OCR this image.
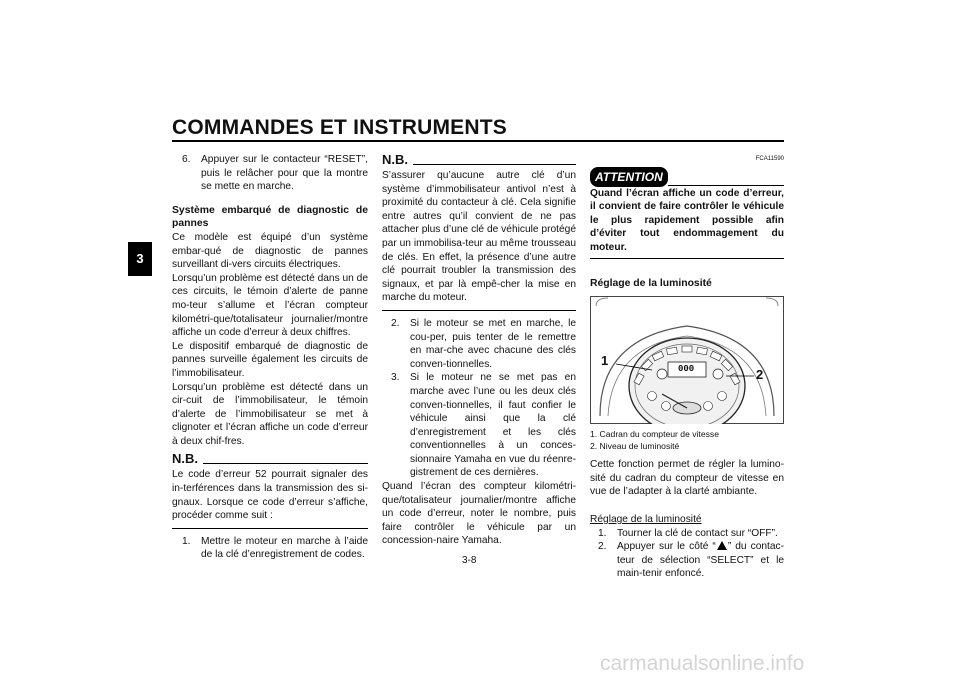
COMMANDES ET INSTRUMENTS
3
6.	Appuyer sur le contacteur “RESET”, puis le relâcher pour que la montre se mette en marche.

Système embarqué de diagnostic de pannes

Ce modèle est équipé d’un système embar-qué de diagnostic de pannes surveillant di-vers circuits électriques.

Lorsqu’un problème est détecté dans un de ces circuits, le témoin d’alerte de panne mo-teur s’allume et l’écran compteur kilométri-que/totalisateur journalier/montre affiche un code d’erreur à deux chiffres.

Le dispositif embarqué de diagnostic de pannes surveille également les circuits de l’immobilisateur.

Lorsqu’un problème est détecté dans un cir-cuit de l’immobilisateur, le témoin d’alerte de l’immobilisateur se met à clignoter et l’écran affiche un code d’erreur à deux chif-fres.

N.B.

Le code d’erreur 52 pourrait signaler des in-terférences dans la transmission des si-gnaux. Lorsque ce code d’erreur s’affiche, procéder comme suit :

1.	Mettre le moteur en marche à l’aide de la clé d’enregistrement de codes.
N.B.

S’assurer qu’aucune autre clé d’un système d’immobilisateur antivol n’est à proximité du contacteur à clé. Cela signifie entre autres qu’il convient de ne pas attacher plus d’une clé de véhicule protégé par un immobilisa-teur au même trousseau de clés. En effet, la présence d’une autre clé pourrait troubler la transmission des signaux, et par là empê-cher la mise en marche du moteur.

2.	Si le moteur se met en marche, le cou-per, puis tenter de le remettre en mar-che avec chacune des clés conven-tionnelles.
3.	Si le moteur ne se met pas en marche avec l’une ou les deux clés conven-tionnelles, il faut confier le véhicule ainsi que la clé d’enregistrement et les clés conventionnelles à un conces-sionnaire Yamaha en vue du réenre-gistrement de ces dernières.

Quand l’écran des compteur kilométri-que/totalisateur journalier/montre affiche un code d’erreur, noter le nombre, puis faire contrôler le véhicule par un concession-naire Yamaha.

FCA11590
ATTENTION

Quand l’écran affiche un code d’erreur, il convient de faire contrôler le véhicule le plus rapidement possible afin d’éviter tout endommagement du moteur.

Réglage de la luminosité

000
1
2

1. Cadran du compteur de vitesse

2. Niveau de luminosité

Cette fonction permet de régler la lumino-sité du cadran du compteur de vitesse en vue de l’adapter à la clarté ambiante.

Réglage de la luminosité

1.	Tourner la clé de contact sur “OFF”.
2.	Appuyer sur le côté “ ” du contac-teur de sélection “SELECT” et le main-tenir enfoncé.
3-8
carmanualsonline.info
